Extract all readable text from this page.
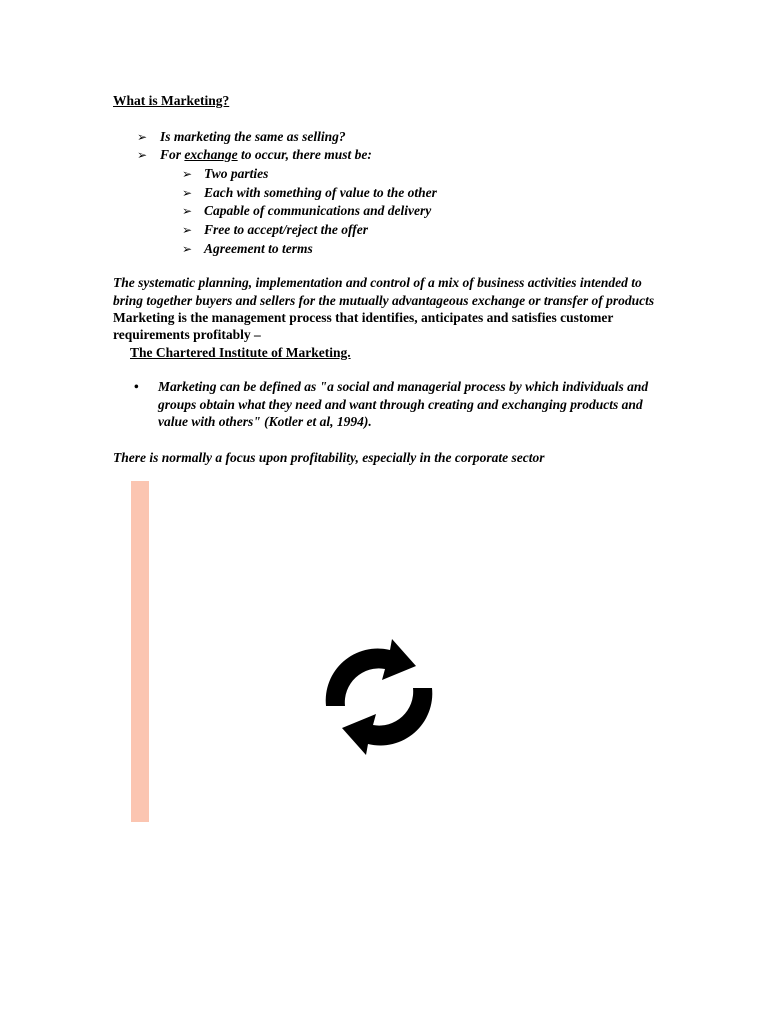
What is Marketing?
➢ Is marketing the same as selling?
➢ For exchange to occur, there must be:
➢ Two parties
➢ Each with something of value to the other
➢ Capable of communications and delivery
➢ Free to accept/reject the offer
➢ Agreement to terms
The systematic planning, implementation and control of a mix of business activities intended to
bring together buyers and sellers for the mutually advantageous exchange or transfer of products
Marketing is the management process that identifies, anticipates and satisfies customer
requirements profitably –
The Chartered Institute of Marketing.
• Marketing can be defined as "a social and managerial process by which individuals and
groups obtain what they need and want through creating and exchanging products and
value with others" (Kotler et al, 1994).
There is normally a focus upon profitability, especially in the corporate sector
